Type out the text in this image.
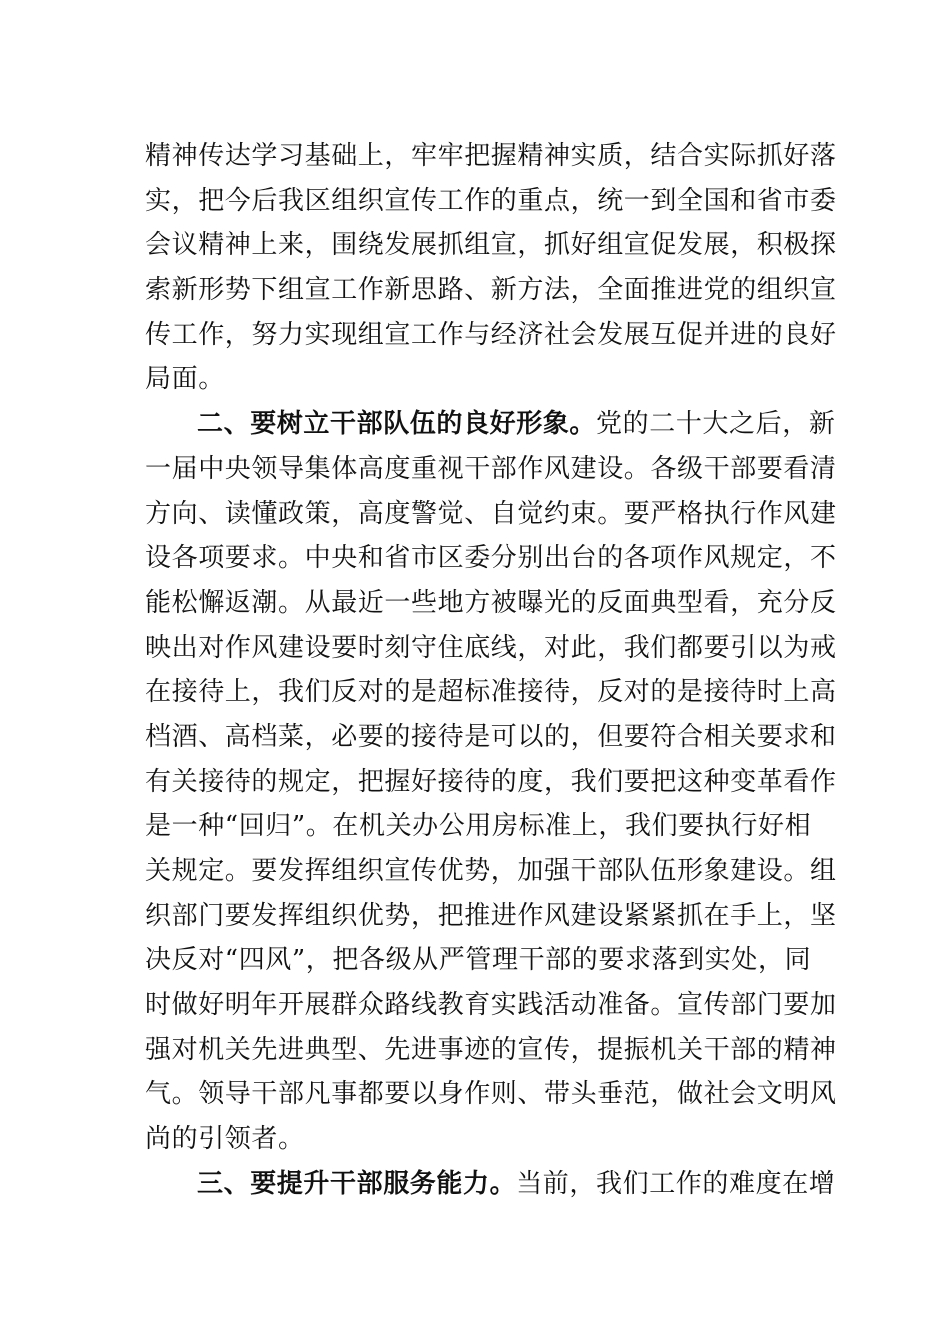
精神传达学习基础上，牢牢把握精神实质，结合实际抓好落
实，把今后我区组织宣传工作的重点，统一到全国和省市委
会议精神上来，围绕发展抓组宣，抓好组宣促发展，积极探
索新形势下组宣工作新思路、新方法，全面推进党的组织宣
传工作，努力实现组宣工作与经济社会发展互促并进的良好
局面。
二、要树立干部队伍的良好形象。党的二十大之后，新
一届中央领导集体高度重视干部作风建设。各级干部要看清
方向、读懂政策，高度警觉、自觉约束。要严格执行作风建
设各项要求。中央和省市区委分别出台的各项作风规定，不
能松懈返潮。从最近一些地方被曝光的反面典型看，充分反
映出对作风建设要时刻守住底线，对此，我们都要引以为戒
在接待上，我们反对的是超标准接待，反对的是接待时上高
档酒、高档菜，必要的接待是可以的，但要符合相关要求和
有关接待的规定，把握好接待的度，我们要把这种变革看作
是一种“回归”。在机关办公用房标准上，我们要执行好相
关规定。要发挥组织宣传优势，加强干部队伍形象建设。组
织部门要发挥组织优势，把推进作风建设紧紧抓在手上，坚
决反对“四风”，把各级从严管理干部的要求落到实处，同
时做好明年开展群众路线教育实践活动准备。宣传部门要加
强对机关先进典型、先进事迹的宣传，提振机关干部的精神
气。领导干部凡事都要以身作则、带头垂范，做社会文明风
尚的引领者。
三、要提升干部服务能力。当前，我们工作的难度在增
